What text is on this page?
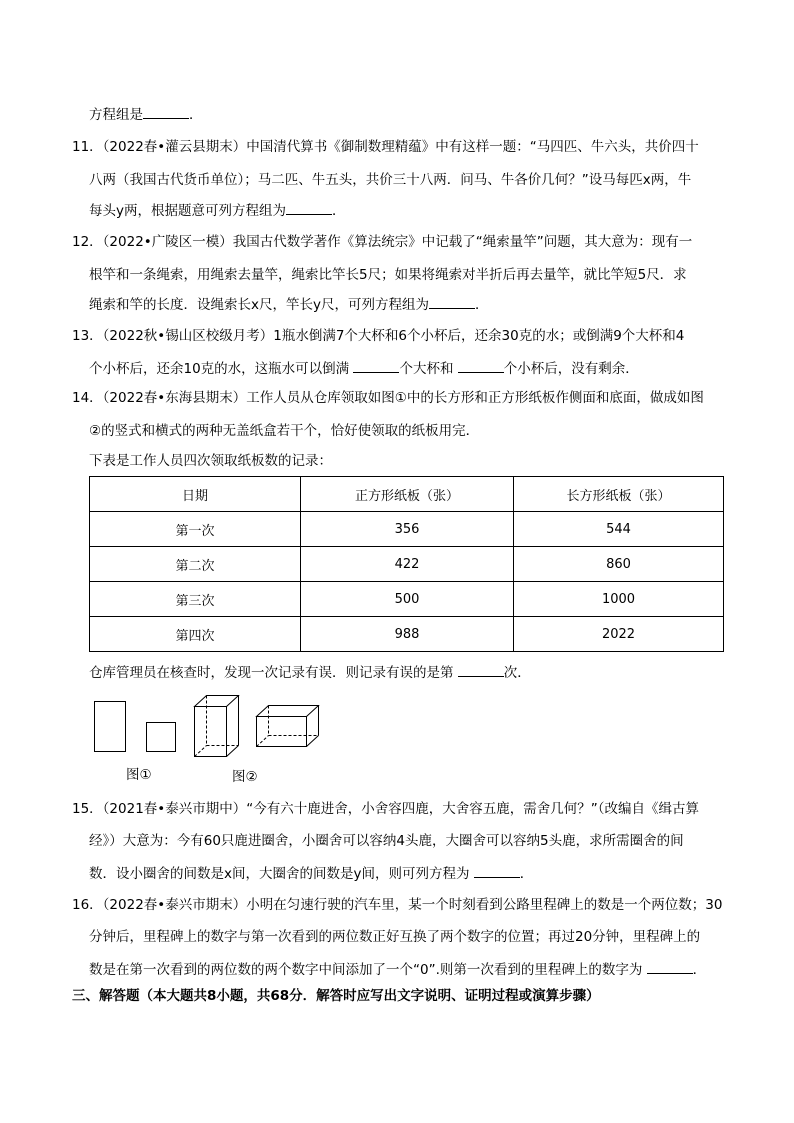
方程组是	．
11．（2022春•灌云县期末）中国清代算书《御制数理精蕴》中有这样一题：“马四匹、牛六头，共价四十
八两（我国古代货币单位）；马二匹、牛五头，共价三十八两．问马、牛各价几何？”设马每匹x两，牛
每头y两，根据题意可列方程组为	．
12．（2022•广陵区一模）我国古代数学著作《算法统宗》中记载了“绳索量竿”问题，其大意为：现有一
根竿和一条绳索，用绳索去量竿，绳索比竿长5尺；如果将绳索对半折后再去量竿，就比竿短5尺．求
绳索和竿的长度．设绳索长x尺，竿长y尺，可列方程组为	．
13．（2022秋•锡山区校级月考）1瓶水倒满7个大杯和6个小杯后，还余30克的水；或倒满9个大杯和4
个小杯后，还余10克的水，这瓶水可以倒满	个大杯和	个小杯后，没有剩余．
14．（2022春•东海县期末）工作人员从仓库领取如图①中的长方形和正方形纸板作侧面和底面，做成如图
②的竖式和横式的两种无盖纸盒若干个，恰好使领取的纸板用完．
下表是工作人员四次领取纸板数的记录：
日期	正方形纸板（张）	长方形纸板（张）
第一次	356	544
第二次	422	860
第三次	500	1000
第四次	988	2022
仓库管理员在核查时，发现一次记录有误．则记录有误的是第	次．
图①	图②
15．（2021春•泰兴市期中）“今有六十鹿进舍，小舍容四鹿，大舍容五鹿，需舍几何？”（改编自《缉古算
经》）大意为：今有60只鹿进圈舍，小圈舍可以容纳4头鹿，大圈舍可以容纳5头鹿，求所需圈舍的间
数．设小圈舍的间数是x间，大圈舍的间数是y间，则可列方程为	．
16．（2022春•泰兴市期末）小明在匀速行驶的汽车里，某一个时刻看到公路里程碑上的数是一个两位数；30
分钟后，里程碑上的数字与第一次看到的两位数正好互换了两个数字的位置；再过20分钟，里程碑上的
数是在第一次看到的两位数的两个数字中间添加了一个“0”.则第一次看到的里程碑上的数字为	．
三、解答题（本大题共8小题，共68分．解答时应写出文字说明、证明过程或演算步骤）
